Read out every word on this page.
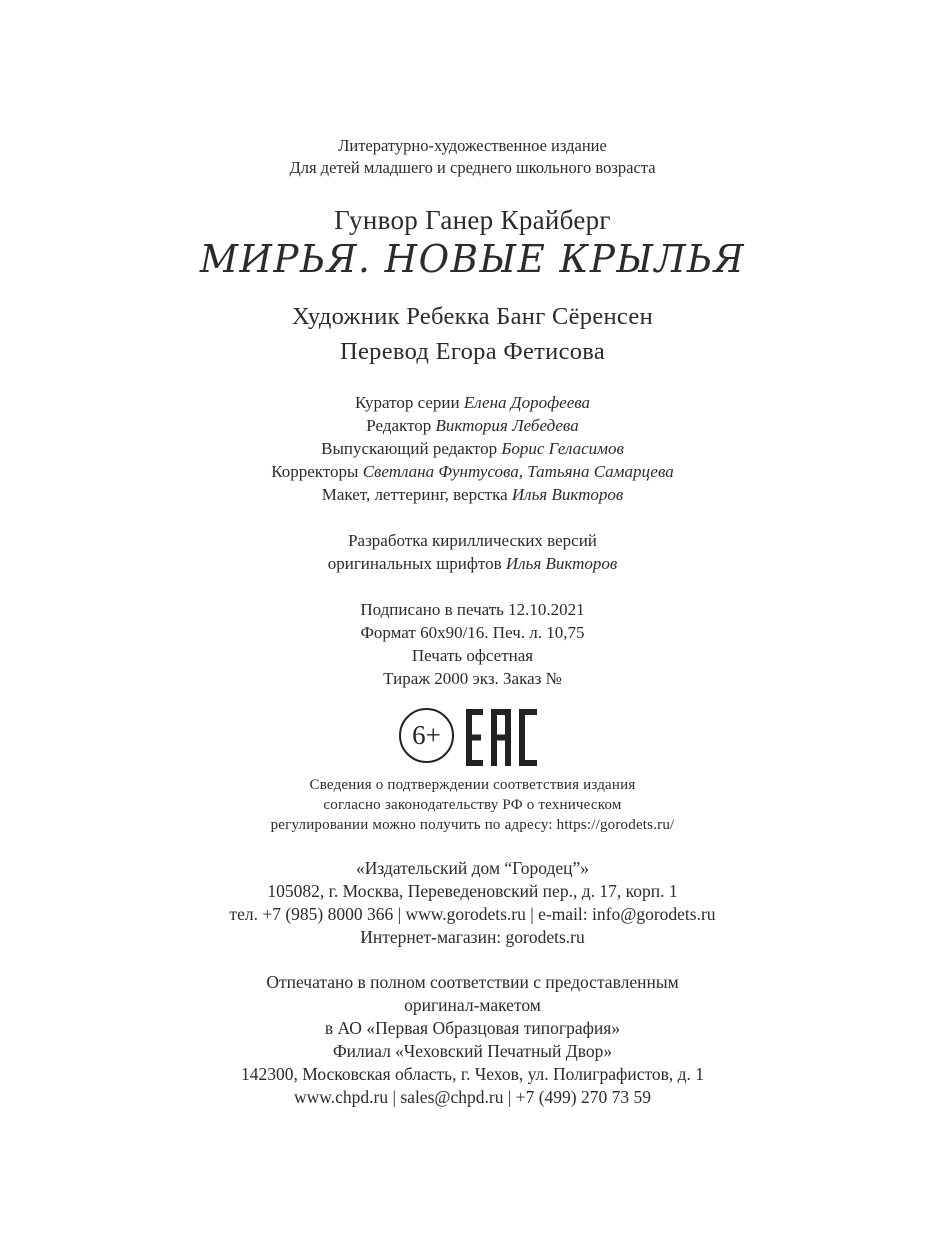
Литературно-художественное издание
Для детей младшего и среднего школьного возраста
Гунвор Ганер Крайберг
МИРЬЯ. НОВЫЕ КРЫЛЬЯ
Художник Ребекка Банг Сёренсен
Перевод Егора Фетисова
Куратор серии Елена Дорофеева
Редактор Виктория Лебедева
Выпускающий редактор Борис Геласимов
Корректоры Светлана Фунтусова, Татьяна Самарцева
Макет, леттеринг, верстка Илья Викторов
Разработка кириллических версий
оригинальных шрифтов Илья Викторов
Подписано в печать 12.10.2021
Формат 60x90/16. Печ. л. 10,75
Печать офсетная
Тираж 2000 экз. Заказ №
6+
Сведения о подтверждении соответствия издания
согласно законодательству РФ о техническом
регулировании можно получить по адресу: https://gorodets.ru/
«Издательский дом “Городец”»
105082, г. Москва, Переведеновский пер., д. 17, корп. 1
тел. +7 (985) 8000 366 | www.gorodets.ru | e-mail: info@gorodets.ru
Интернет-магазин: gorodets.ru
Отпечатано в полном соответствии с предоставленным
оригинал-макетом
в АО «Первая Образцовая типография»
Филиал «Чеховский Печатный Двор»
142300, Московская область, г. Чехов, ул. Полиграфистов, д. 1
www.chpd.ru | sales@chpd.ru | +7 (499) 270 73 59
